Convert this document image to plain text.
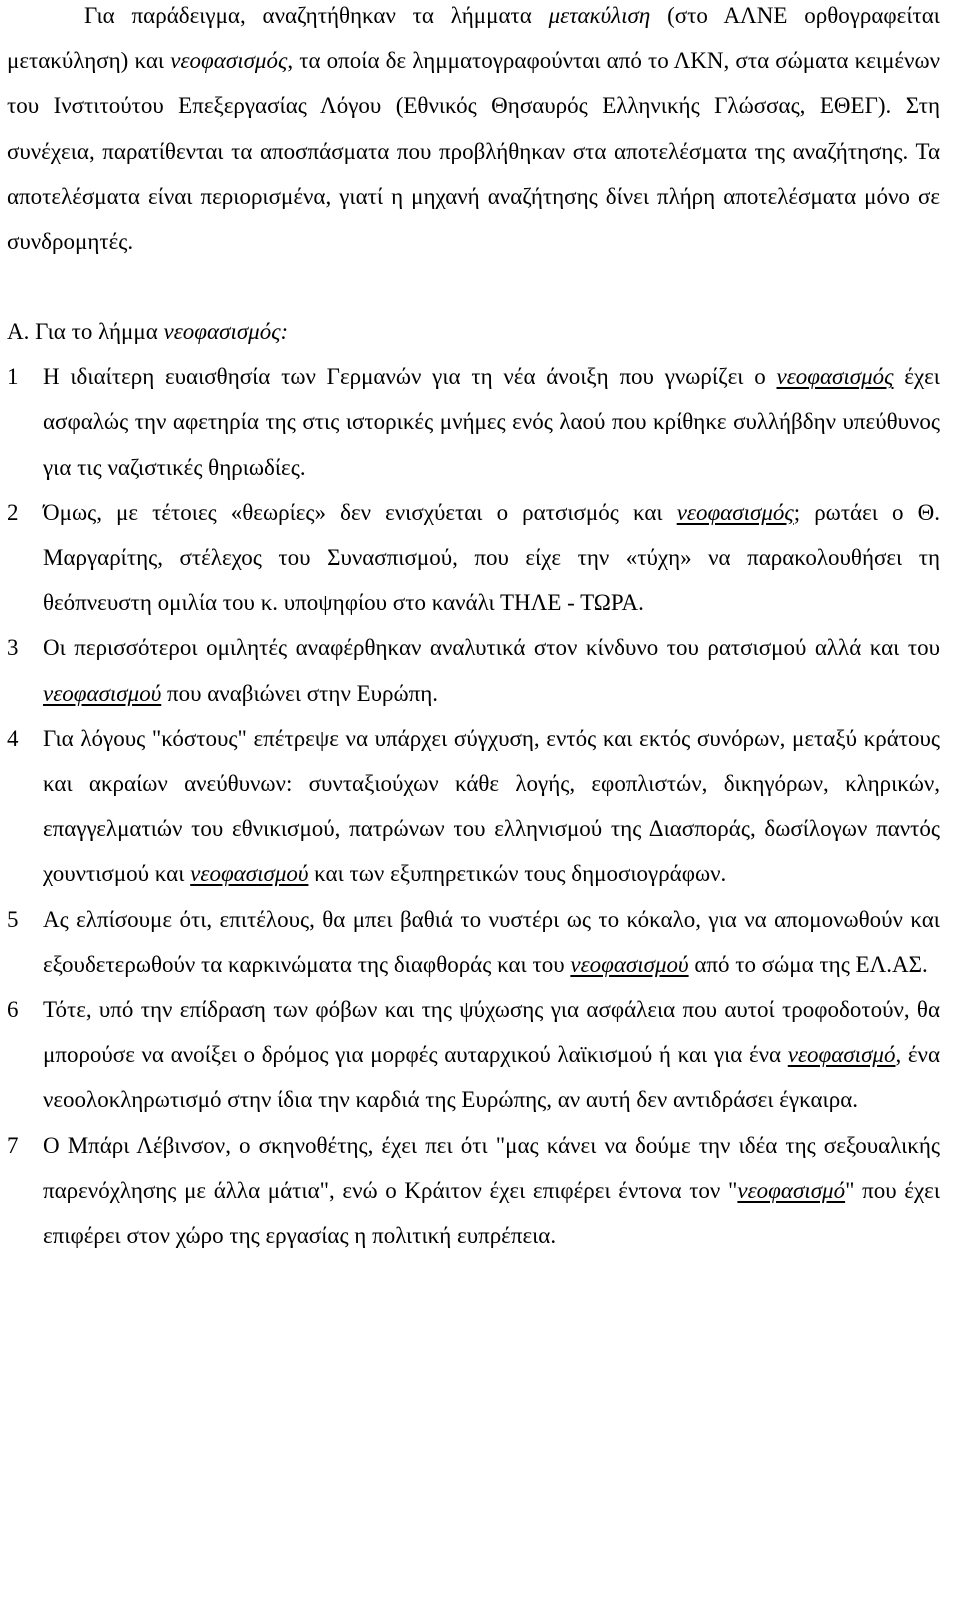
Για παράδειγμα, αναζητήθηκαν τα λήμματα μετακύλιση (στο ΑΛΝΕ ορθογραφείται μετακύληση) και νεοφασισμός, τα οποία δε λημματογραφούνται από το ΛΚΝ, στα σώματα κειμένων του Ινστιτούτου Επεξεργασίας Λόγου (Εθνικός Θησαυρός Ελληνικής Γλώσσας, ΕΘΕΓ). Στη συνέχεια, παρατίθενται τα αποσπάσματα που προβλήθηκαν στα αποτελέσματα της αναζήτησης. Τα αποτελέσματα είναι περιορισμένα, γιατί η μηχανή αναζήτησης δίνει πλήρη αποτελέσματα μόνο σε συνδρομητές.

Α. Για το λήμμα νεοφασισμός:

1	Η ιδιαίτερη ευαισθησία των Γερμανών για τη νέα άνοιξη που γνωρίζει ο νεοφασισμός έχει ασφαλώς την αφετηρία της στις ιστορικές μνήμες ενός λαού που κρίθηκε συλλήβδην υπεύθυνος για τις ναζιστικές θηριωδίες.

2	Όμως, με τέτοιες «θεωρίες» δεν ενισχύεται ο ρατσισμός και νεοφασισμός; ρωτάει ο Θ. Μαργαρίτης, στέλεχος του Συνασπισμού, που είχε την «τύχη» να παρακολουθήσει τη θεόπνευστη ομιλία του κ. υποψηφίου στο κανάλι ΤΗΛΕ - ΤΩΡΑ.

3	Οι περισσότεροι ομιλητές αναφέρθηκαν αναλυτικά στον κίνδυνο του ρατσισμού αλλά και του νεοφασισμού που αναβιώνει στην Ευρώπη.

4	Για λόγους "κόστους" επέτρεψε να υπάρχει σύγχυση, εντός και εκτός συνόρων, μεταξύ κράτους και ακραίων ανεύθυνων: συνταξιούχων κάθε λογής, εφοπλιστών, δικηγόρων, κληρικών, επαγγελματιών του εθνικισμού, πατρώνων του ελληνισμού της Διασποράς, δωσίλογων παντός χουντισμού και νεοφασισμού και των εξυπηρετικών τους δημοσιογράφων.

5	Ας ελπίσουμε ότι, επιτέλους, θα μπει βαθιά το νυστέρι ως το κόκαλο, για να απομονωθούν και εξουδετερωθούν τα καρκινώματα της διαφθοράς και του νεοφασισμού από το σώμα της ΕΛ.ΑΣ.

6	Τότε, υπό την επίδραση των φόβων και της ψύχωσης για ασφάλεια που αυτοί τροφοδοτούν, θα μπορούσε να ανοίξει ο δρόμος για μορφές αυταρχικού λαϊκισμού ή και για ένα νεοφασισμό, ένα νεοολοκληρωτισμό στην ίδια την καρδιά της Ευρώπης, αν αυτή δεν αντιδράσει έγκαιρα.

7	Ο Μπάρι Λέβινσον, ο σκηνοθέτης, έχει πει ότι "μας κάνει να δούμε την ιδέα της σεξουαλικής παρενόχλησης με άλλα μάτια", ενώ ο Κράιτον έχει επιφέρει έντονα τον "νεοφασισμό" που έχει επιφέρει στον χώρο της εργασίας η πολιτική ευπρέπεια.
